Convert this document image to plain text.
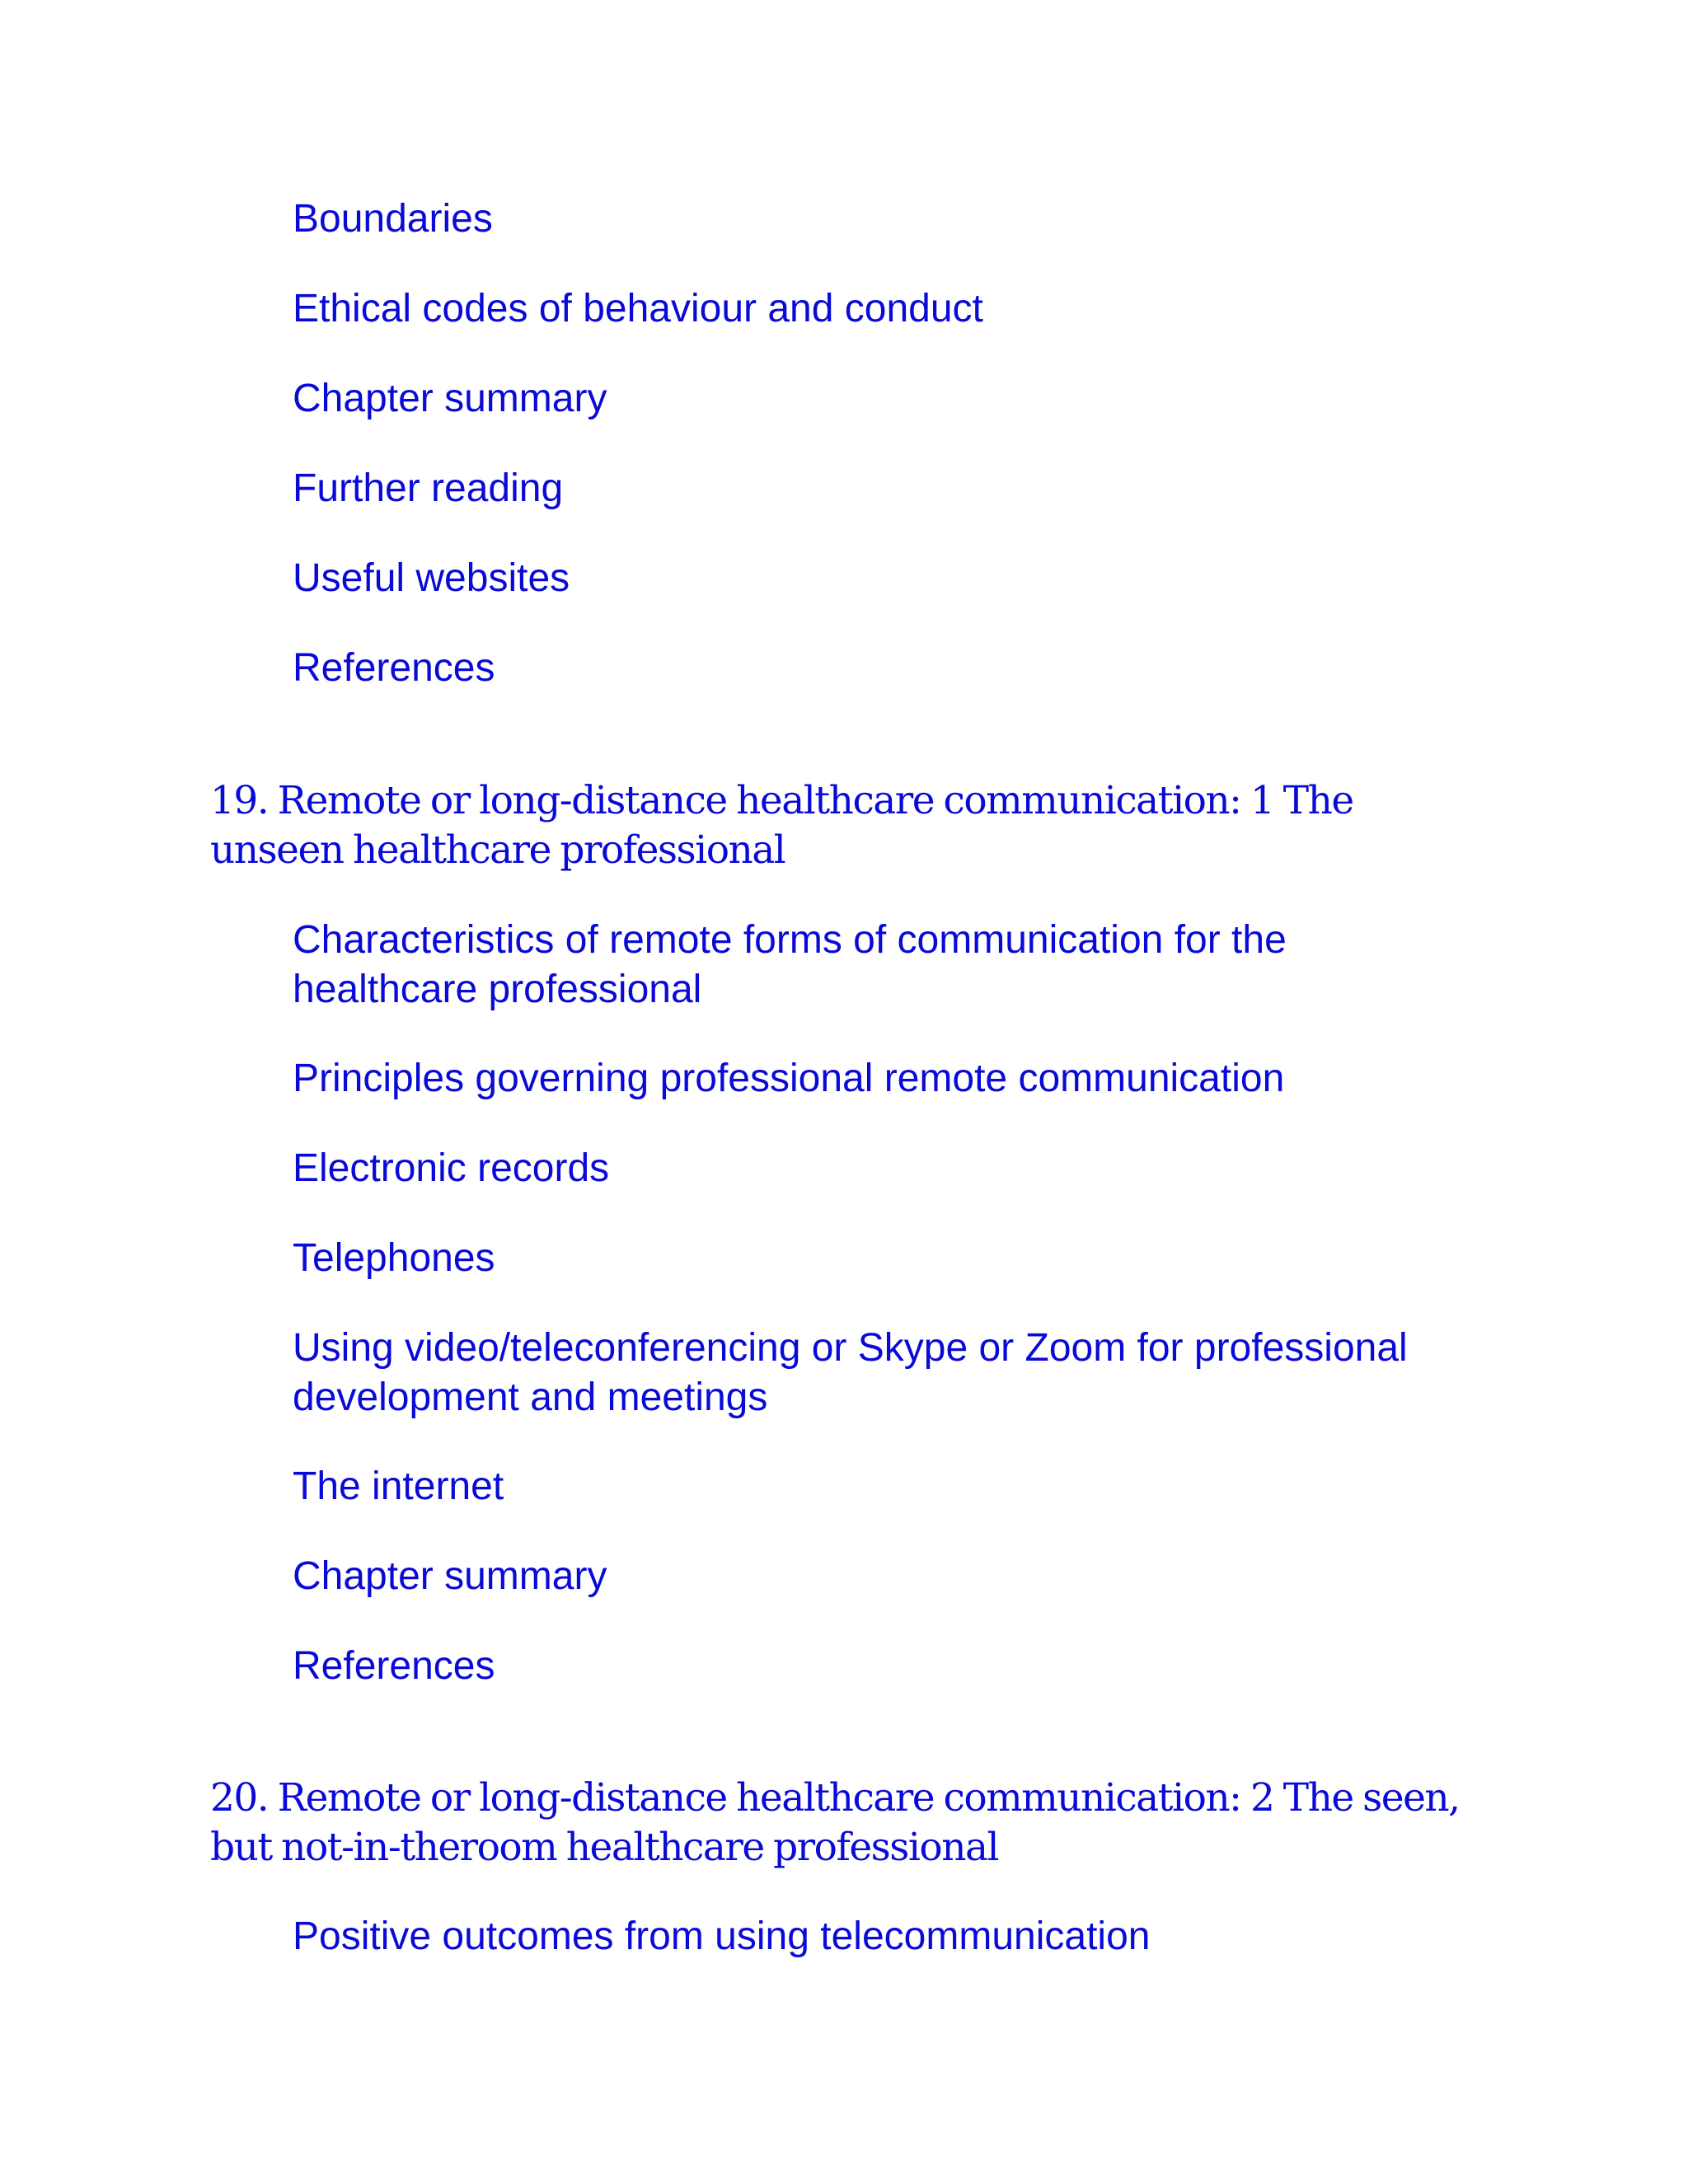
Boundaries
Ethical codes of behaviour and conduct
Chapter summary
Further reading
Useful websites
References
19. Remote or long-distance healthcare communication: 1 The unseen healthcare professional
Characteristics of remote forms of communication for the healthcare professional
Principles governing professional remote communication
Electronic records
Telephones
Using video/teleconferencing or Skype or Zoom for professional development and meetings
The internet
Chapter summary
References
20. Remote or long-distance healthcare communication: 2 The seen, but not-in-theroom healthcare professional
Positive outcomes from using telecommunication
